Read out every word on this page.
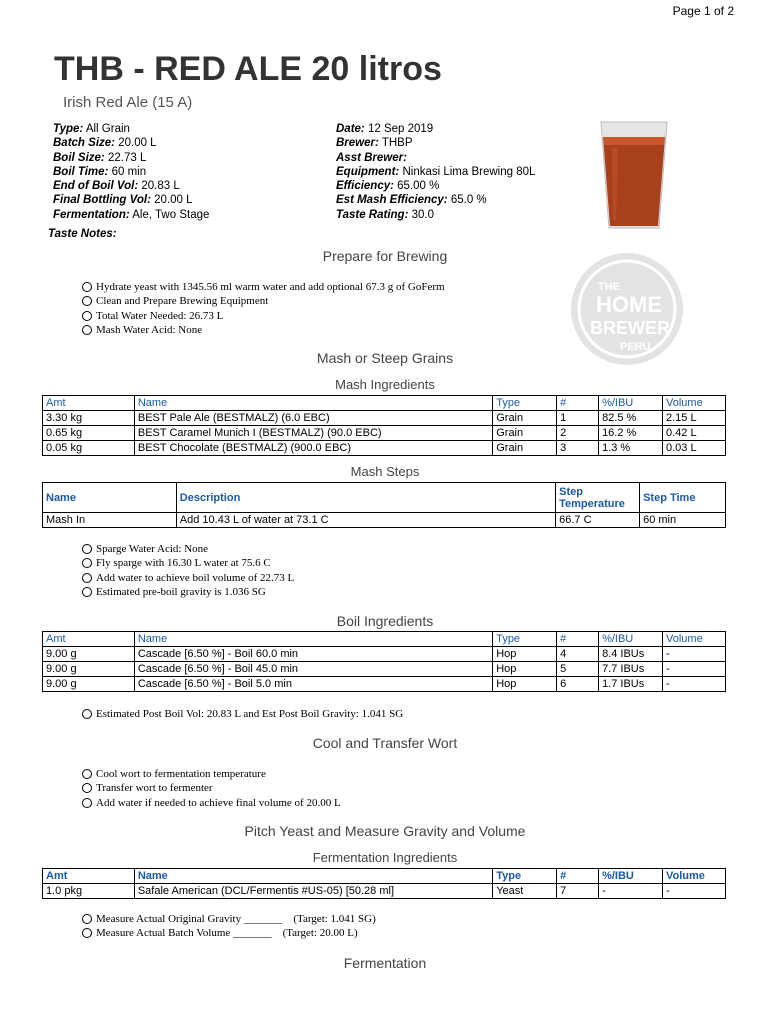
Page 1 of 2
THB - RED ALE 20 litros
Irish Red Ale (15 A)
Type: All Grain
Batch Size: 20.00 L
Boil Size: 22.73 L
Boil Time: 60 min
End of Boil Vol: 20.83 L
Final Bottling Vol: 20.00 L
Fermentation: Ale, Two Stage
Date: 12 Sep 2019
Brewer: THBP
Asst Brewer:
Equipment: Ninkasi Lima Brewing 80L
Efficiency: 65.00 %
Est Mash Efficiency: 65.0 %
Taste Rating: 30.0
Taste Notes:
THE
HOME
BREWER
PERU
Prepare for Brewing
Hydrate yeast with 1345.56 ml warm water and add optional 67.3 g of GoFerm
Clean and Prepare Brewing Equipment
Total Water Needed: 26.73 L
Mash Water Acid: None
Mash or Steep Grains
Mash Ingredients
Amt	Name	Type	#	%/IBU	Volume
3.30 kg	BEST Pale Ale (BESTMALZ) (6.0 EBC)	Grain	1	82.5 %	2.15 L
0.65 kg	BEST Caramel Munich I (BESTMALZ) (90.0 EBC)	Grain	2	16.2 %	0.42 L
0.05 kg	BEST Chocolate (BESTMALZ) (900.0 EBC)	Grain	3	1.3 %	0.03 L
Mash Steps
Name	Description	Step Temperature	Step Time
Mash In	Add 10.43 L of water at 73.1 C	66.7 C	60 min
Sparge Water Acid: None
Fly sparge with 16.30 L water at 75.6 C
Add water to achieve boil volume of 22.73 L
Estimated pre-boil gravity is 1.036 SG
Boil Ingredients
Amt	Name	Type	#	%/IBU	Volume
9.00 g	Cascade [6.50 %] - Boil 60.0 min	Hop	4	8.4 IBUs	-
9.00 g	Cascade [6.50 %] - Boil 45.0 min	Hop	5	7.7 IBUs	-
9.00 g	Cascade [6.50 %] - Boil 5.0 min	Hop	6	1.7 IBUs	-
Estimated Post Boil Vol: 20.83 L and Est Post Boil Gravity: 1.041 SG
Cool and Transfer Wort
Cool wort to fermentation temperature
Transfer wort to fermenter
Add water if needed to achieve final volume of 20.00 L
Pitch Yeast and Measure Gravity and Volume
Fermentation Ingredients
Amt	Name	Type	#	%/IBU	Volume
1.0 pkg	Safale American (DCL/Fermentis #US-05) [50.28 ml]	Yeast	7	-	-
Measure Actual Original Gravity _______    (Target: 1.041 SG)
Measure Actual Batch Volume _______    (Target: 20.00 L)
Fermentation
